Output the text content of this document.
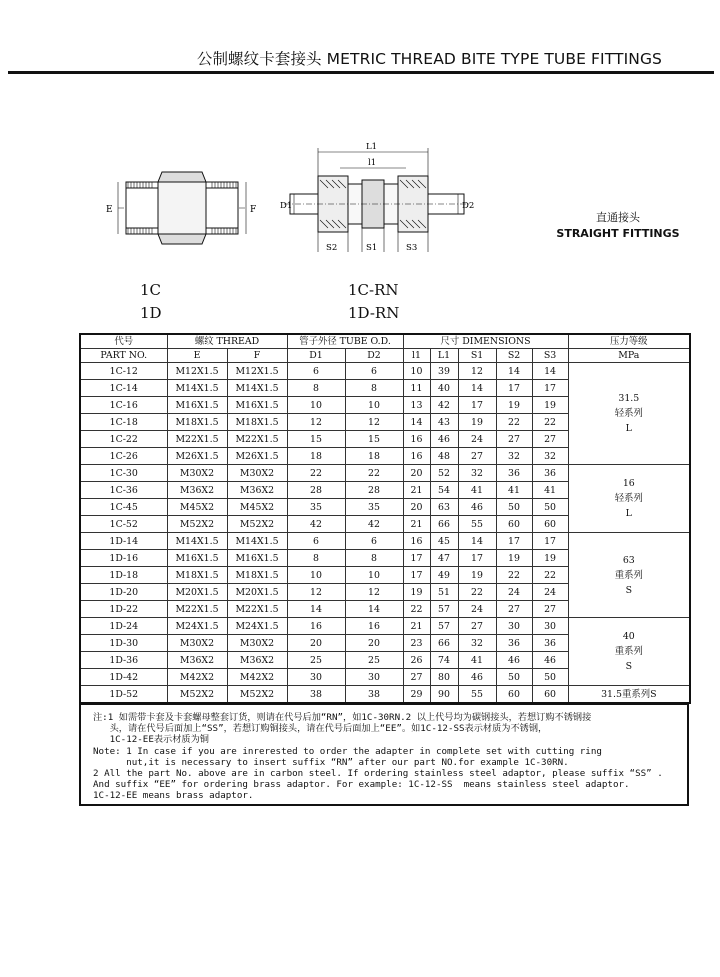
公制螺纹卡套接头 METRIC THREAD BITE TYPE TUBE FITTINGS
E	F
L1
l1
D1	D2
S2	S1	S3
直通接头
STRAIGHT FITTINGS
1C
1D
1C-RN
1D-RN
代号	螺纹 THREAD		管子外径 TUBE O.D.		尺寸 DIMENSIONS					压力等级
PART NO.	E	F	D1	D2	l1	L1	S1	S2	S3	MPa
1C-12	M12X1.5	M12X1.5	6	6	10	39	12	14	14	31.5
轻系列
L

1C-14	M14X1.5	M14X1.5	8	8	11	40	14	17	17	
1C-16	M16X1.5	M16X1.5	10	10	13	42	17	19	19	
1C-18	M18X1.5	M18X1.5	12	12	14	43	19	22	22	
1C-22	M22X1.5	M22X1.5	15	15	16	46	24	27	27	
1C-26	M26X1.5	M26X1.5	18	18	16	48	27	32	32	
1C-30	M30X2	M30X2	22	22	20	52	32	36	36	16
轻系列
L

1C-36	M36X2	M36X2	28	28	21	54	41	41	41	
1C-45	M45X2	M45X2	35	35	20	63	46	50	50	
1C-52	M52X2	M52X2	42	42	21	66	55	60	60	
1D-14	M14X1.5	M14X1.5	6	6	16	45	14	17	17	63
重系列
S

1D-16	M16X1.5	M16X1.5	8	8	17	47	17	19	19	
1D-18	M18X1.5	M18X1.5	10	10	17	49	19	22	22	
1D-20	M20X1.5	M20X1.5	12	12	19	51	22	24	24	
1D-22	M22X1.5	M22X1.5	14	14	22	57	24	27	27	
1D-24	M24X1.5	M24X1.5	16	16	21	57	27	30	30	40
重系列
S

1D-30	M30X2	M30X2	20	20	23	66	32	36	36	
1D-36	M36X2	M36X2	25	25	26	74	41	46	46	
1D-42	M42X2	M42X2	30	30	27	80	46	50	50	
1D-52	M52X2	M52X2	38	38	29	90	55	60	60	31.5重系列S
注:1 如需带卡套及卡套螺母整套订货，则请在代号后加“RN”，如1C-30RN.2 以上代号均为碳钢接头，若想订购不锈钢接
头，请在代号后面加上“SS”，若想订购铜接头，请在代号后面加上“EE”。如1C-12-SS表示材质为不锈钢，
1C-12-EE表示材质为铜
Note: 1 In case if you are inrerested to order the adapter in complete set with cutting ring
nut,it is necessary to insert suffix “RN” after our part NO.for example 1C-30RN.
2 All the part No. above are in carbon steel. If ordering stainless steel adaptor, please suffix “SS” .
And suffix “EE” for ordering brass adaptor. For example: 1C-12-SS  means stainless steel adaptor.
1C-12-EE means brass adaptor.
